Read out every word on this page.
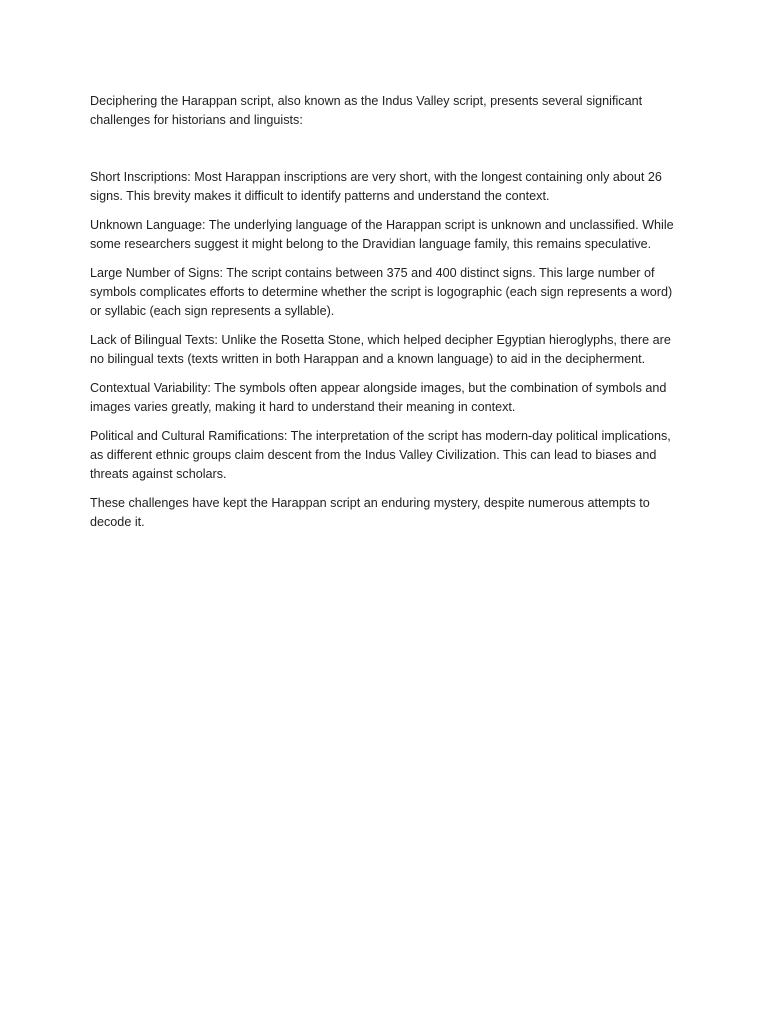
Deciphering the Harappan script, also known as the Indus Valley script, presents several significant challenges for historians and linguists:

Short Inscriptions: Most Harappan inscriptions are very short, with the longest containing only about 26 signs. This brevity makes it difficult to identify patterns and understand the context.

Unknown Language: The underlying language of the Harappan script is unknown and unclassified. While some researchers suggest it might belong to the Dravidian language family, this remains speculative.

Large Number of Signs: The script contains between 375 and 400 distinct signs. This large number of symbols complicates efforts to determine whether the script is logographic (each sign represents a word) or syllabic (each sign represents a syllable).

Lack of Bilingual Texts: Unlike the Rosetta Stone, which helped decipher Egyptian hieroglyphs, there are no bilingual texts (texts written in both Harappan and a known language) to aid in the decipherment.

Contextual Variability: The symbols often appear alongside images, but the combination of symbols and images varies greatly, making it hard to understand their meaning in context.

Political and Cultural Ramifications: The interpretation of the script has modern-day political implications, as different ethnic groups claim descent from the Indus Valley Civilization. This can lead to biases and threats against scholars.

These challenges have kept the Harappan script an enduring mystery, despite numerous attempts to decode it.
